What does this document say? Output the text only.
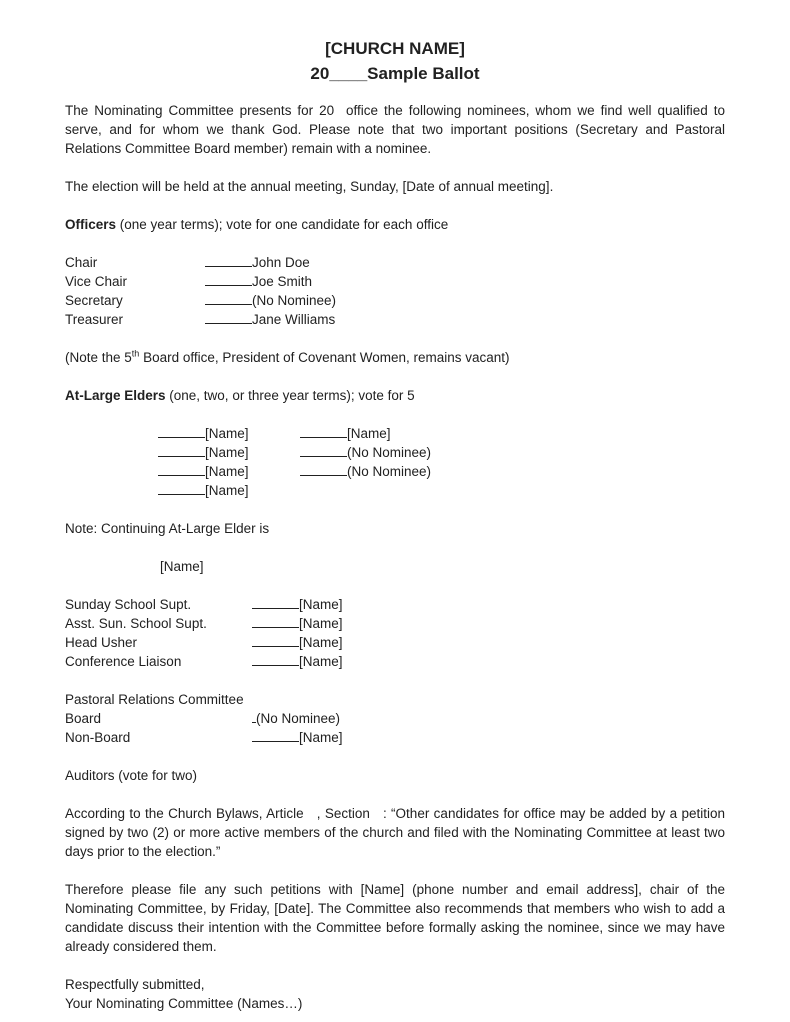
[CHURCH NAME]
20____Sample Ballot

The Nominating Committee presents for 20  office the following nominees, whom we find well qualified to serve, and for whom we thank God. Please note that two important positions (Secretary and Pastoral Relations Committee Board member) remain with a nominee.

The election will be held at the annual meeting, Sunday, [Date of annual meeting].

Officers (one year terms); vote for one candidate for each office

Chair	John Doe
Vice Chair	Joe Smith
Secretary	(No Nominee)
Treasurer	Jane Williams

(Note the 5th Board office, President of Covenant Women, remains vacant)

At-Large Elders (one, two, or three year terms); vote for 5

[Name]	[Name]
[Name]	(No Nominee)
[Name]	(No Nominee)
[Name]

Note: Continuing At-Large Elder is

[Name]

Sunday School Supt.	[Name]
Asst. Sun. School Supt.	[Name]
Head Usher	[Name]
Conference Liaison	[Name]
Pastoral Relations Committee
Board	(No Nominee)
Non-Board	[Name]

Auditors (vote for two)

According to the Church Bylaws, Article   , Section   : “Other candidates for office may be added by a petition signed by two (2) or more active members of the church and filed with the Nominating Committee at least two days prior to the election.”

Therefore please file any such petitions with [Name] (phone number and email address], chair of the Nominating Committee, by Friday, [Date]. The Committee also recommends that members who wish to add a candidate discuss their intention with the Committee before formally asking the nominee, since we may have already considered them.

Respectfully submitted,

Your Nominating Committee (Names…)
